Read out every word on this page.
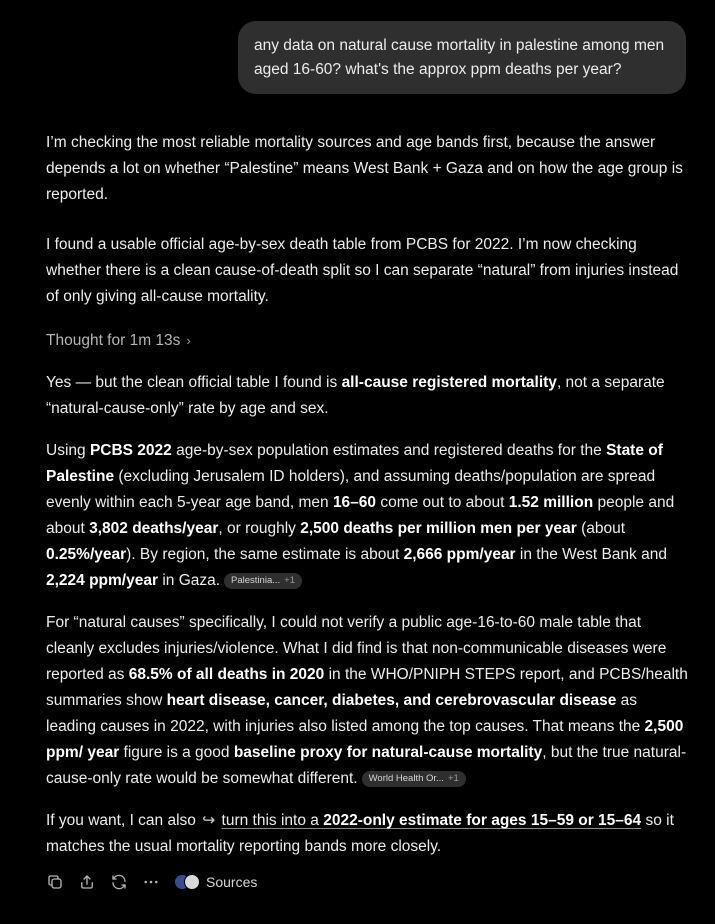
any data on natural cause mortality in palestine among men aged 16-60? what's the approx ppm deaths per year?

I’m checking the most reliable mortality sources and age bands first, because the answer depends a lot on whether “Palestine” means West Bank + Gaza and on how the age group is reported.

I found a usable official age-by-sex death table from PCBS for 2022. I’m now checking whether there is a clean cause-of-death split so I can separate “natural” from injuries instead of only giving all-cause mortality.

Thought for 1m 13s ›

Yes — but the clean official table I found is all-cause registered mortality, not a separate “natural-cause-only” rate by age and sex.

Using PCBS 2022 age-by-sex population estimates and registered deaths for the State of Palestine (excluding Jerusalem ID holders), and assuming deaths/population are spread evenly within each 5-year age band, men 16–60 come out to about 1.52 million people and about 3,802 deaths/year, or roughly 2,500 deaths per million men per year (about 0.25%/year). By region, the same estimate is about 2,666 ppm/year in the West Bank and 2,224 ppm/year in Gaza. Palestinia... +1

For “natural causes” specifically, I could not verify a public age-16-to-60 male table that cleanly excludes injuries/violence. What I did find is that non-communicable diseases were reported as 68.5% of all deaths in 2020 in the WHO/PNIPH STEPS report, and PCBS/health summaries show heart disease, cancer, diabetes, and cerebrovascular disease as leading causes in 2022, with injuries also listed among the top causes. That means the 2,500 ppm/ year figure is a good baseline proxy for natural-cause mortality, but the true natural-cause-only rate would be somewhat different. World Health Or... +1

If you want, I can also ↪ turn this into a 2022-only estimate for ages 15–59 or 15–64 so it matches the usual mortality reporting bands more closely.

Sources
